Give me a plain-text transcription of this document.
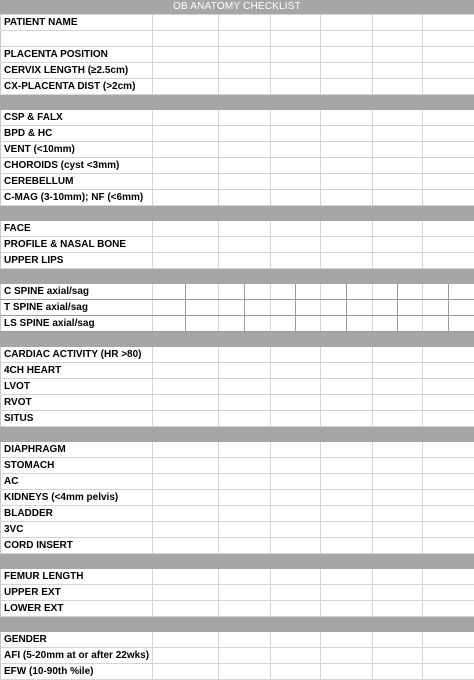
OB ANATOMY CHECKLIST
PATIENT NAME						

PLACENTA POSITION						
CERVIX LENGTH (≥2.5cm)						
CX-PLACENTA DIST (>2cm)						

CSP & FALX						
BPD & HC						
VENT (<10mm)						
CHOROIDS (cyst <3mm)						
CEREBELLUM						
C-MAG (3-10mm); NF (<6mm)						

FACE						
PROFILE & NASAL BONE						
UPPER LIPS						

C SPINE axial/sag	

T SPINE axial/sag	

LS SPINE axial/sag	

CARDIAC ACTIVITY (HR >80)						
4CH HEART						
LVOT						
RVOT						
SITUS						

DIAPHRAGM						
STOMACH						
AC						
KIDNEYS (<4mm pelvis)						
BLADDER						
3VC						
CORD INSERT						

FEMUR LENGTH						
UPPER EXT						
LOWER EXT						

GENDER						
AFI (5-20mm at or after 22wks)						
EFW (10-90th %ile)						
